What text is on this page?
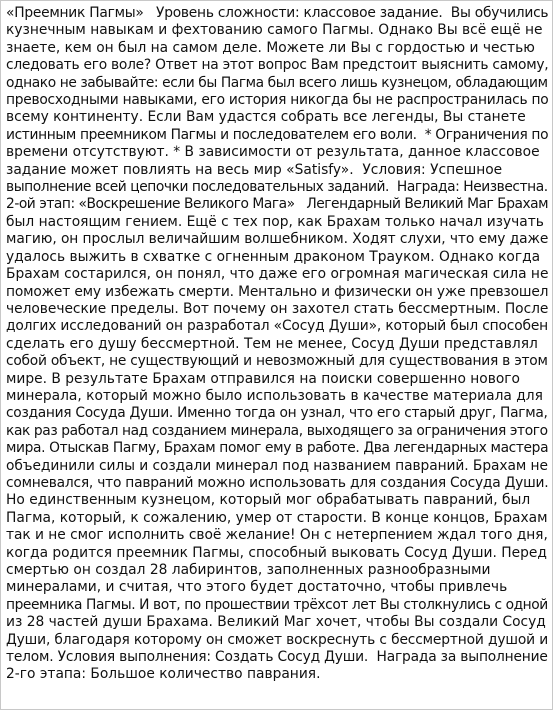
«Преемник Пагмы»   Уровень сложности: классовое задание.  Вы обучились
кузнечным навыкам и фехтованию самого Пагмы. Однако Вы всё ещё не
знаете, кем он был на самом деле. Можете ли Вы с гордостью и честью
следовать его воле? Ответ на этот вопрос Вам предстоит выяснить самому,
однако не забывайте: если бы Пагма был всего лишь кузнецом, обладающим
превосходными навыками, его история никогда бы не распространилась по
всему континенту. Если Вам удастся собрать все легенды, Вы станете
истинным преемником Пагмы и последователем его воли.  * Ограничения по
времени отсутствуют. * В зависимости от результата, данное классовое
задание может повлиять на весь мир «Satisfy».  Условия: Успешное
выполнение всей цепочки последовательных заданий.  Награда: Неизвестна.
2-ой этап: «Воскрешение Великого Мага»   Легендарный Великий Маг Брахам
был настоящим гением. Ещё с тех пор, как Брахам только начал изучать
магию, он прослыл величайшим волшебником. Ходят слухи, что ему даже
удалось выжить в схватке с огненным драконом Трауком. Однако когда
Брахам состарился, он понял, что даже его огромная магическая сила не
поможет ему избежать смерти. Ментально и физически он уже превзошел
человеческие пределы. Вот почему он захотел стать бессмертным. После
долгих исследований он разработал «Сосуд Души», который был способен
сделать его душу бессмертной. Тем не менее, Сосуд Души представлял
собой объект, не существующий и невозможный для существования в этом
мире. В результате Брахам отправился на поиски совершенно нового
минерала, который можно было использовать в качестве материала для
создания Сосуда Души. Именно тогда он узнал, что его старый друг, Пагма,
как раз работал над созданием минерала, выходящего за ограничения этого
мира. Отыскав Пагму, Брахам помог ему в работе. Два легендарных мастера
объединили силы и создали минерал под названием павраний. Брахам не
сомневался, что павраний можно использовать для создания Сосуда Души.
Но единственным кузнецом, который мог обрабатывать павраний, был
Пагма, который, к сожалению, умер от старости. В конце концов, Брахам
так и не смог исполнить своё желание! Он с нетерпением ждал того дня,
когда родится преемник Пагмы, способный выковать Сосуд Души. Перед
смертью он создал 28 лабиринтов, заполненных разнообразными
минералами, и считая, что этого будет достаточно, чтобы привлечь
преемника Пагмы. И вот, по прошествии трёхсот лет Вы столкнулись с одной
из 28 частей души Брахама. Великий Маг хочет, чтобы Вы создали Сосуд
Души, благодаря которому он сможет воскреснуть с бессмертной душой и
телом. Условия выполнения: Создать Сосуд Души.  Награда за выполнение
2-го этапа: Большое количество паврания.
